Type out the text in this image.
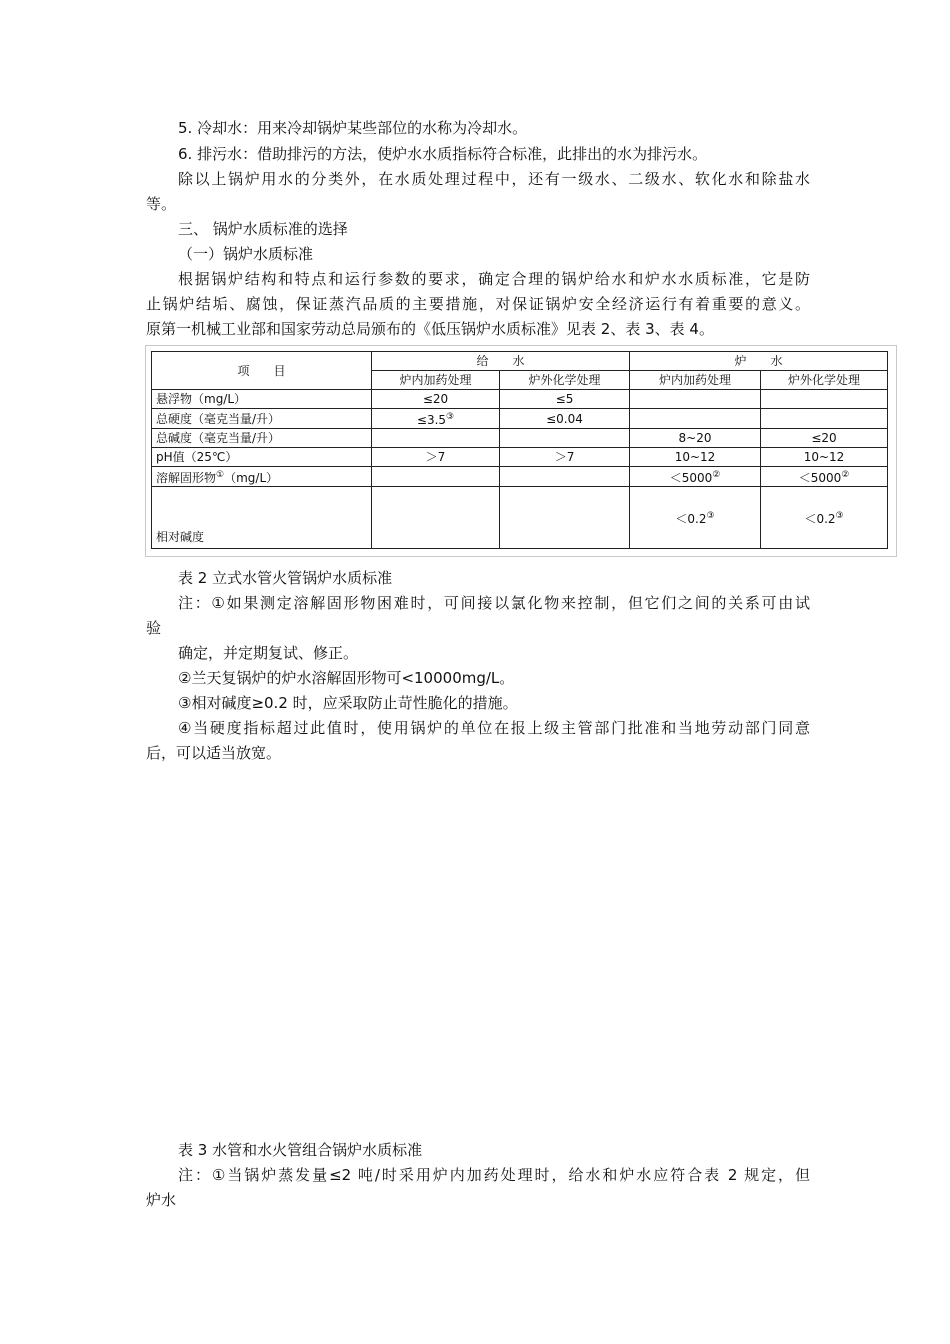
5. 冷却水：用来冷却锅炉某些部位的水称为冷却水。
6. 排污水：借助排污的方法，使炉水水质指标符合标准，此排出的水为排污水。
除以上锅炉用水的分类外，在水质处理过程中，还有一级水、二级水、软化水和除盐水
等。
三、 锅炉水质标准的选择
（一）锅炉水质标准
根据锅炉结构和特点和运行参数的要求，确定合理的锅炉给水和炉水水质标准，它是防
止锅炉结垢、腐蚀，保证蒸汽品质的主要措施，对保证锅炉安全经济运行有着重要的意义。
原第一机械工业部和国家劳动总局颁布的《低压锅炉水质标准》见表 2、表 3、表 4。
项　　目	给　　水		炉　　水	
	炉内加药处理	炉外化学处理	炉内加药处理	炉外化学处理
悬浮物（mg/L）	≤20	≤5		
总硬度（毫克当量/升）	≤3.5③	≤0.04		
总碱度（毫克当量/升）			8~20	≤20
pH值（25℃）	＞7	＞7	10~12	10~12
溶解固形物①（mg/L）			＜5000②	＜5000②
相对碱度			＜0.2③	＜0.2③
表 2 立式水管火管锅炉水质标准
注：①如果测定溶解固形物困难时，可间接以氯化物来控制，但它们之间的关系可由试
验
确定，并定期复试、修正。
②兰天复锅炉的炉水溶解固形物可<10000mg/L。
③相对碱度≥0.2 时，应采取防止苛性脆化的措施。
④当硬度指标超过此值时，使用锅炉的单位在报上级主管部门批准和当地劳动部门同意
后，可以适当放宽。
表 3 水管和水火管组合锅炉水质标准
注：①当锅炉蒸发量≤2 吨/时采用炉内加药处理时，给水和炉水应符合表 2 规定，但
炉水
